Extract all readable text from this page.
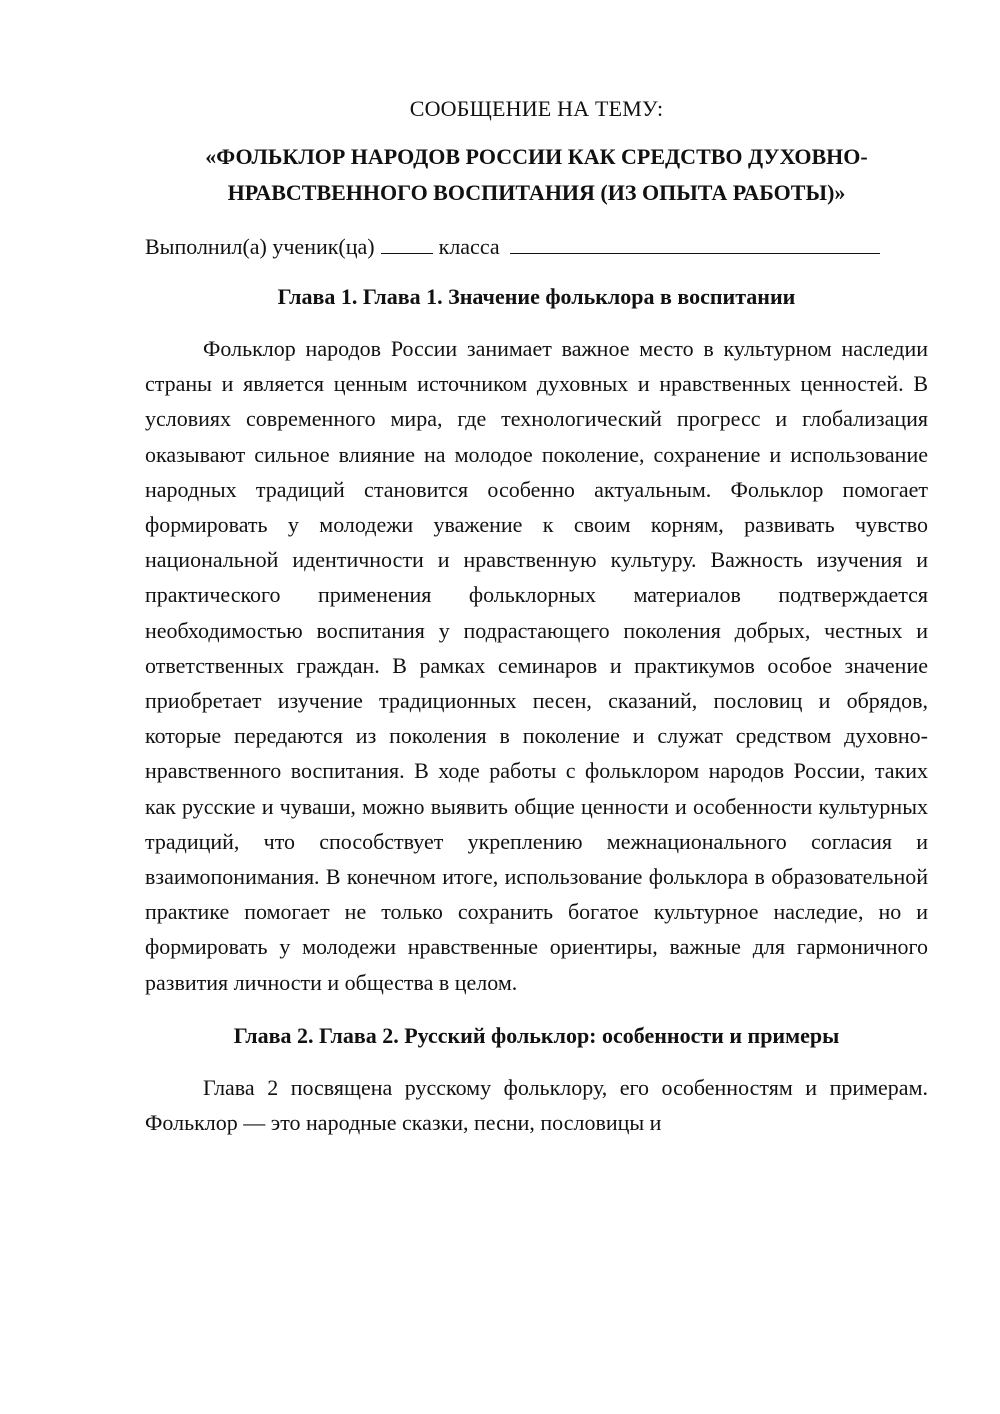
СООБЩЕНИЕ НА ТЕМУ:
«ФОЛЬКЛОР НАРОДОВ РОССИИ КАК СРЕДСТВО ДУХОВНО-НРАВСТВЕННОГО ВОСПИТАНИЯ (ИЗ ОПЫТА РАБОТЫ)»
Выполнил(а) ученик(ца)	класса
Глава 1. Глава 1. Значение фольклора в воспитании

Фольклор народов России занимает важное место в культурном наследии страны и является ценным источником духовных и нравственных ценностей. В условиях современного мира, где технологический прогресс и глобализация оказывают сильное влияние на молодое поколение, сохранение и использование народных традиций становится особенно актуальным. Фольклор помогает формировать у молодежи уважение к своим корням, развивать чувство национальной идентичности и нравственную культуру. Важность изучения и практического применения фольклорных материалов подтверждается необходимостью воспитания у подрастающего поколения добрых, честных и ответственных граждан. В рамках семинаров и практикумов особое значение приобретает изучение традиционных песен, сказаний, пословиц и обрядов, которые передаются из поколения в поколение и служат средством духовно-нравственного воспитания. В ходе работы с фольклором народов России, таких как русские и чуваши, можно выявить общие ценности и особенности культурных традиций, что способствует укреплению межнационального согласия и взаимопонимания. В конечном итоге, использование фольклора в образовательной практике помогает не только сохранить богатое культурное наследие, но и формировать у молодежи нравственные ориентиры, важные для гармоничного развития личности и общества в целом.

Глава 2. Глава 2. Русский фольклор: особенности и примеры

Глава 2 посвящена русскому фольклору, его особенностям и примерам. Фольклор — это народные сказки, песни, пословицы и
